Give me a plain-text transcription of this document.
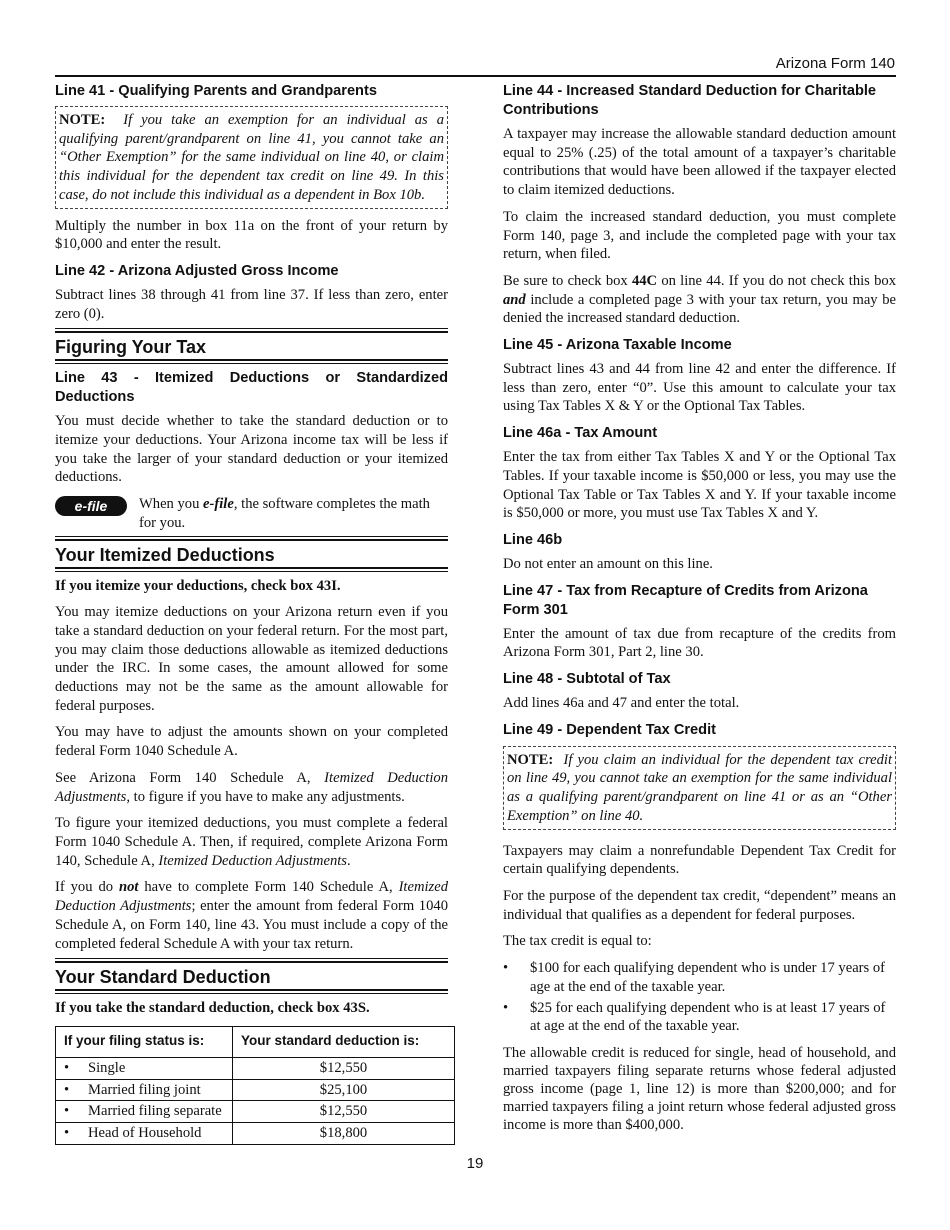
Arizona Form 140
Line 41 - Qualifying Parents and Grandparents
NOTE: If you take an exemption for an individual as a qualifying parent/grandparent on line 41, you cannot take an “Other Exemption” for the same individual on line 40, or claim this individual for the dependent tax credit on line 49. In this case, do not include this individual as a dependent in Box 10b.

Multiply the number in box 11a on the front of your return by $10,000 and enter the result.

Line 42 - Arizona Adjusted Gross Income

Subtract lines 38 through 41 from line 37. If less than zero, enter zero (0).

Figuring Your Tax
Line 43 - Itemized Deductions or Standardized Deductions

You must decide whether to take the standard deduction or to itemize your deductions. Your Arizona income tax will be less if you take the larger of your standard deduction or your itemized deductions.

e-file	When you e-file, the software completes the math for you.
Your Itemized Deductions

If you itemize your deductions, check box 43I.

You may itemize deductions on your Arizona return even if you take a standard deduction on your federal return. For the most part, you may claim those deductions allowable as itemized deductions under the IRC. In some cases, the amount allowed for some deductions may not be the same as the amount allowable for federal purposes.

You may have to adjust the amounts shown on your completed federal Form 1040 Schedule A.

See Arizona Form 140 Schedule A, Itemized Deduction Adjustments, to figure if you have to make any adjustments.

To figure your itemized deductions, you must complete a federal Form 1040 Schedule A. Then, if required, complete Arizona Form 140, Schedule A, Itemized Deduction Adjustments.

If you do not have to complete Form 140 Schedule A, Itemized Deduction Adjustments; enter the amount from federal Form 1040 Schedule A, on Form 140, line 43. You must include a copy of the completed federal Schedule A with your tax return.

Your Standard Deduction

If you take the standard deduction, check box 43S.

If your filing status is:	Your standard deduction is:
• Single	$12,550
• Married filing joint	$25,100
• Married filing separate	$12,550
• Head of Household	$18,800
Line 44 - Increased Standard Deduction for Charitable Contributions

A taxpayer may increase the allowable standard deduction amount equal to 25% (.25) of the total amount of a taxpayer’s charitable contributions that would have been allowed if the taxpayer elected to claim itemized deductions.

To claim the increased standard deduction, you must complete Form 140, page 3, and include the completed page with your tax return, when filed.

Be sure to check box 44C on line 44. If you do not check this box and include a completed page 3 with your tax return, you may be denied the increased standard deduction.

Line 45 - Arizona Taxable Income

Subtract lines 43 and 44 from line 42 and enter the difference. If less than zero, enter “0”. Use this amount to calculate your tax using Tax Tables X & Y or the Optional Tax Tables.

Line 46a - Tax Amount

Enter the tax from either Tax Tables X and Y or the Optional Tax Tables. If your taxable income is $50,000 or less, you may use the Optional Tax Table or Tax Tables X and Y. If your taxable income is $50,000 or more, you must use Tax Tables X and Y.

Line 46b

Do not enter an amount on this line.

Line 47 - Tax from Recapture of Credits from Arizona Form 301

Enter the amount of tax due from recapture of the credits from Arizona Form 301, Part 2, line 30.

Line 48 - Subtotal of Tax

Add lines 46a and 47 and enter the total.

Line 49 - Dependent Tax Credit
NOTE: If you claim an individual for the dependent tax credit on line 49, you cannot take an exemption for the same individual as a qualifying parent/grandparent on line 41 or as an “Other Exemption” on line 40.

Taxpayers may claim a nonrefundable Dependent Tax Credit for certain qualifying dependents.

For the purpose of the dependent tax credit, “dependent” means an individual that qualifies as a dependent for federal purposes.

The tax credit is equal to:

•	$100 for each qualifying dependent who is under 17 years of age at the end of the taxable year.
•	$25 for each qualifying dependent who is at least 17 years of at age at the end of the taxable year.

The allowable credit is reduced for single, head of household, and married taxpayers filing separate returns whose federal adjusted gross income (page 1, line 12) is more than $200,000; and for married taxpayers filing a joint return whose federal adjusted gross income is more than $400,000.

19
